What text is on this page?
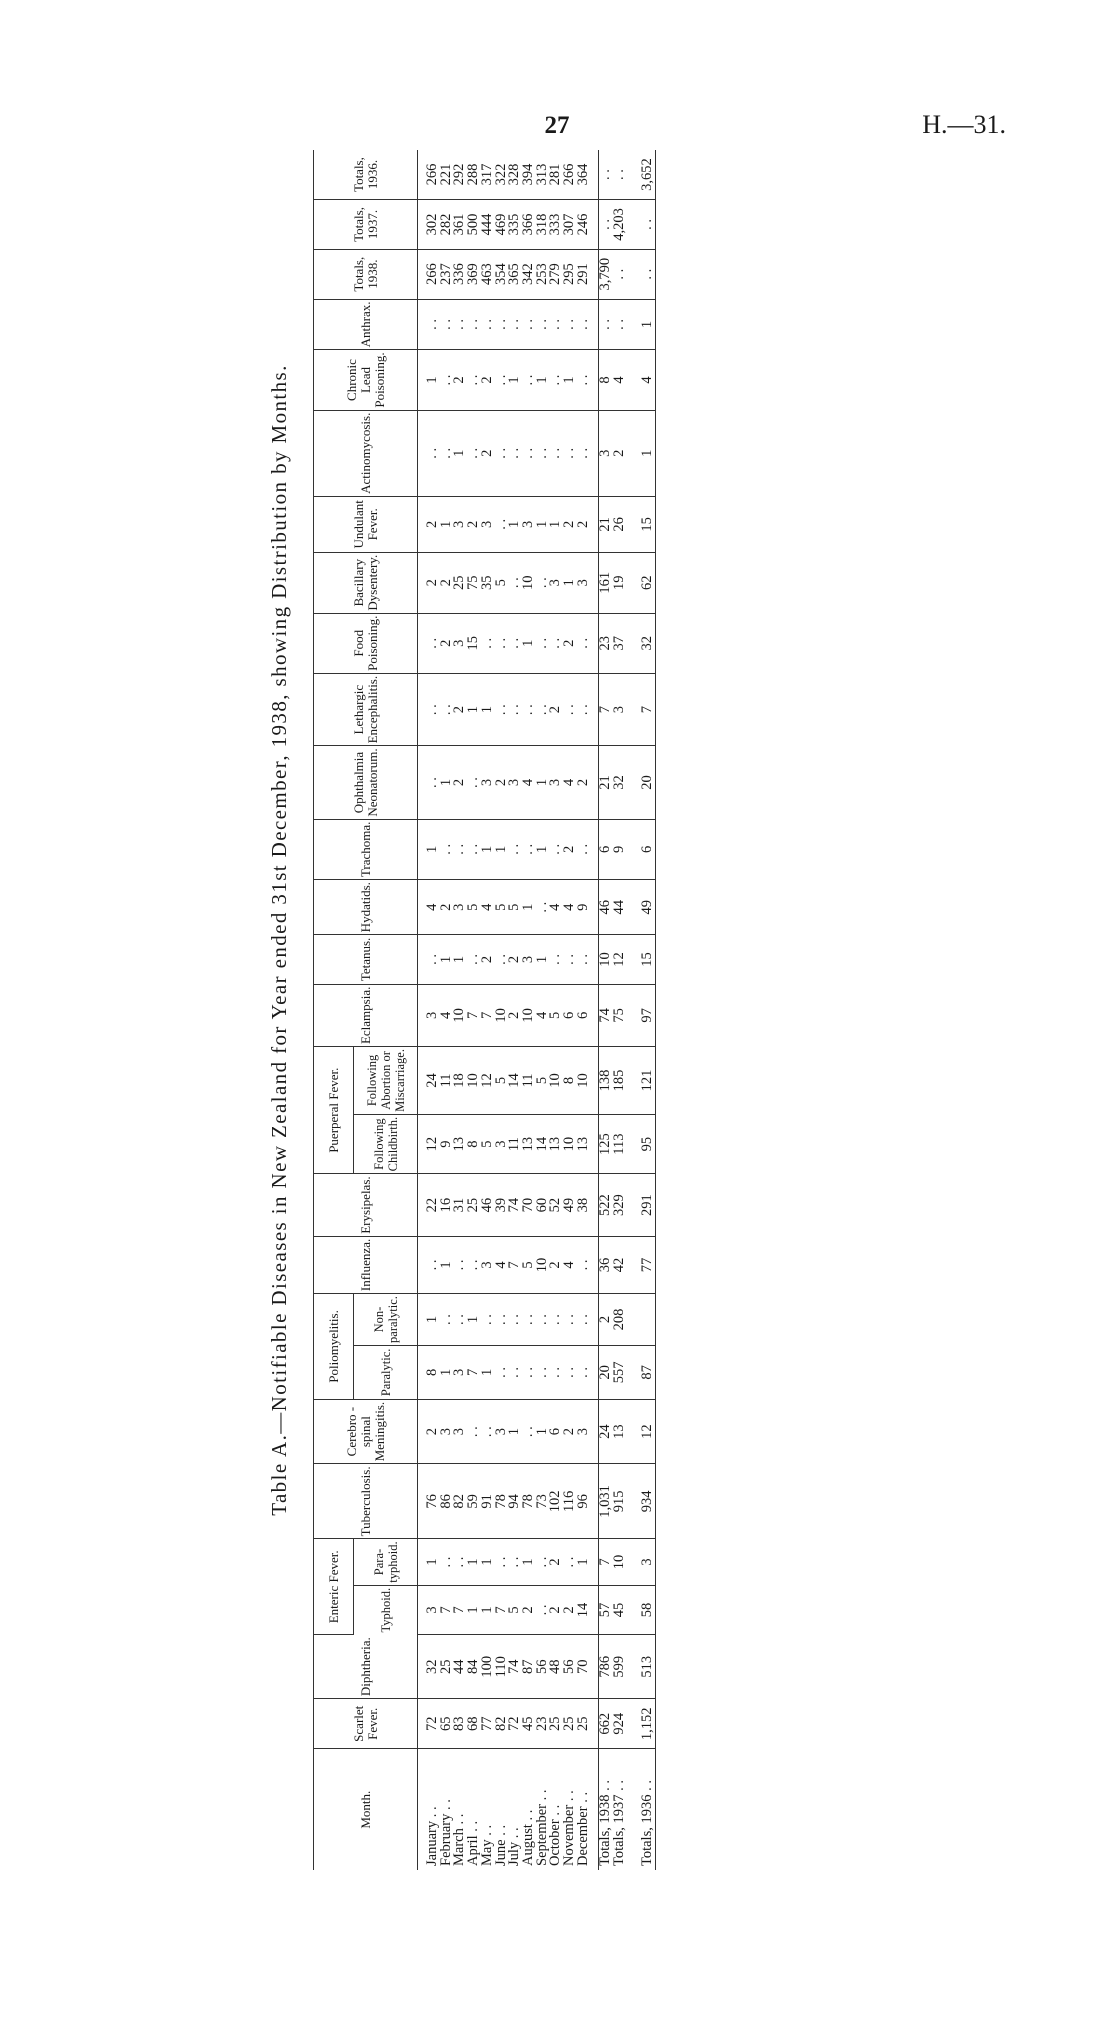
27	H.—31.
Table A.—Notifiable Diseases in New Zealand for Year ended 31st December, 1938, showing Distribution by Months.
Month.	Scarlet Fever.	Diphtheria.	Enteric Fever.		Tuberculosis.	Cerebro - spinal Meningitis.	Poliomyelitis.		Influenza.	Erysipelas.	Puerperal Fever.		Eclampsia.	Tetanus.	Hydatids.	Trachoma.	Ophthalmia Neonatorum.	Lethargic Encephalitis.	Food Poisoning.	Bacillary Dysentery.	Undulant Fever.	Actinomycosis.	Chronic Lead Poisoning.	Anthrax.	Totals, 1938.	Totals, 1937.	Totals, 1936.
			Typhoid.	Para-typhoid.			Paralytic.	Non-paralytic.			Following Childbirth.	Following Abortion or Miscarriage.															

January . .	72	32	3	1	76	2	8	1	. .	22	12	24	3	. .	4	1	. .	. .	. .	2	2	. .	1	. .	266	302	266
February . .	65	25	7	. .	86	3	1	. .	1	16	9	11	4	1	2	. .	1	. .	2	2	1	. .	. .	. .	237	282	221
March . .	83	44	7	. .	82	3	3	. .	. .	31	13	18	10	1	3	. .	2	2	3	25	3	1	2	. .	336	361	292
April . .	68	84	1	1	59	. .	7	1	. .	25	8	10	7	. .	5	. .	. .	1	15	75	2	. .	. .	. .	369	500	288
May . .	77	100	1	1	91	. .	1	. .	3	46	5	12	7	2	4	1	3	1	. .	35	3	2	2	. .	463	444	317
June . .	82	110	7	. .	78	3	. .	. .	4	39	3	5	10	. .	5	1	2	. .	. .	5	. .	. .	. .	. .	354	469	322
July . .	72	74	5	. .	94	1	. .	. .	7	74	11	14	2	2	5	. .	3	. .	. .	. .	1	. .	1	. .	365	335	328
August . .	45	87	2	1	78	. .	. .	. .	5	70	13	11	10	3	1	. .	4	. .	1	10	3	. .	. .	. .	342	366	394
September . .	23	56	. .	. .	73	1	. .	. .	10	60	14	5	4	1	. .	1	1	. .	. .	. .	1	. .	1	. .	253	318	313
October . .	25	48	2	2	102	6	. .	. .	2	52	13	10	5	. .	4	. .	3	2	. .	3	1	. .	. .	. .	279	333	281
November . .	25	56	2	. .	116	2	. .	. .	4	49	10	8	6	. .	4	2	4	. .	2	1	2	. .	1	. .	295	307	266
December . .	25	70	14	1	96	3	. .	. .	. .	38	13	10	6	. .	9	. .	2	. .	. .	3	2	. .	. .	. .	291	246	364

Totals, 1938 . .	662	786	57	7	1,031	24	20	2	36	522	125	138	74	10	46	6	21	7	23	161	21	3	8	. .	3,790	. .	. .
Totals, 1937 . .	924	599	45	10	915	13	557	208	42	329	113	185	75	12	44	9	32	3	37	19	26	2	4	. .	. .	4,203	. .

Totals, 1936 . .	1,152	513	58	3	934	12	87		77	291	95	121	97	15	49	6	20	7	32	62	15	1	4	1	. .	. .	3,652
